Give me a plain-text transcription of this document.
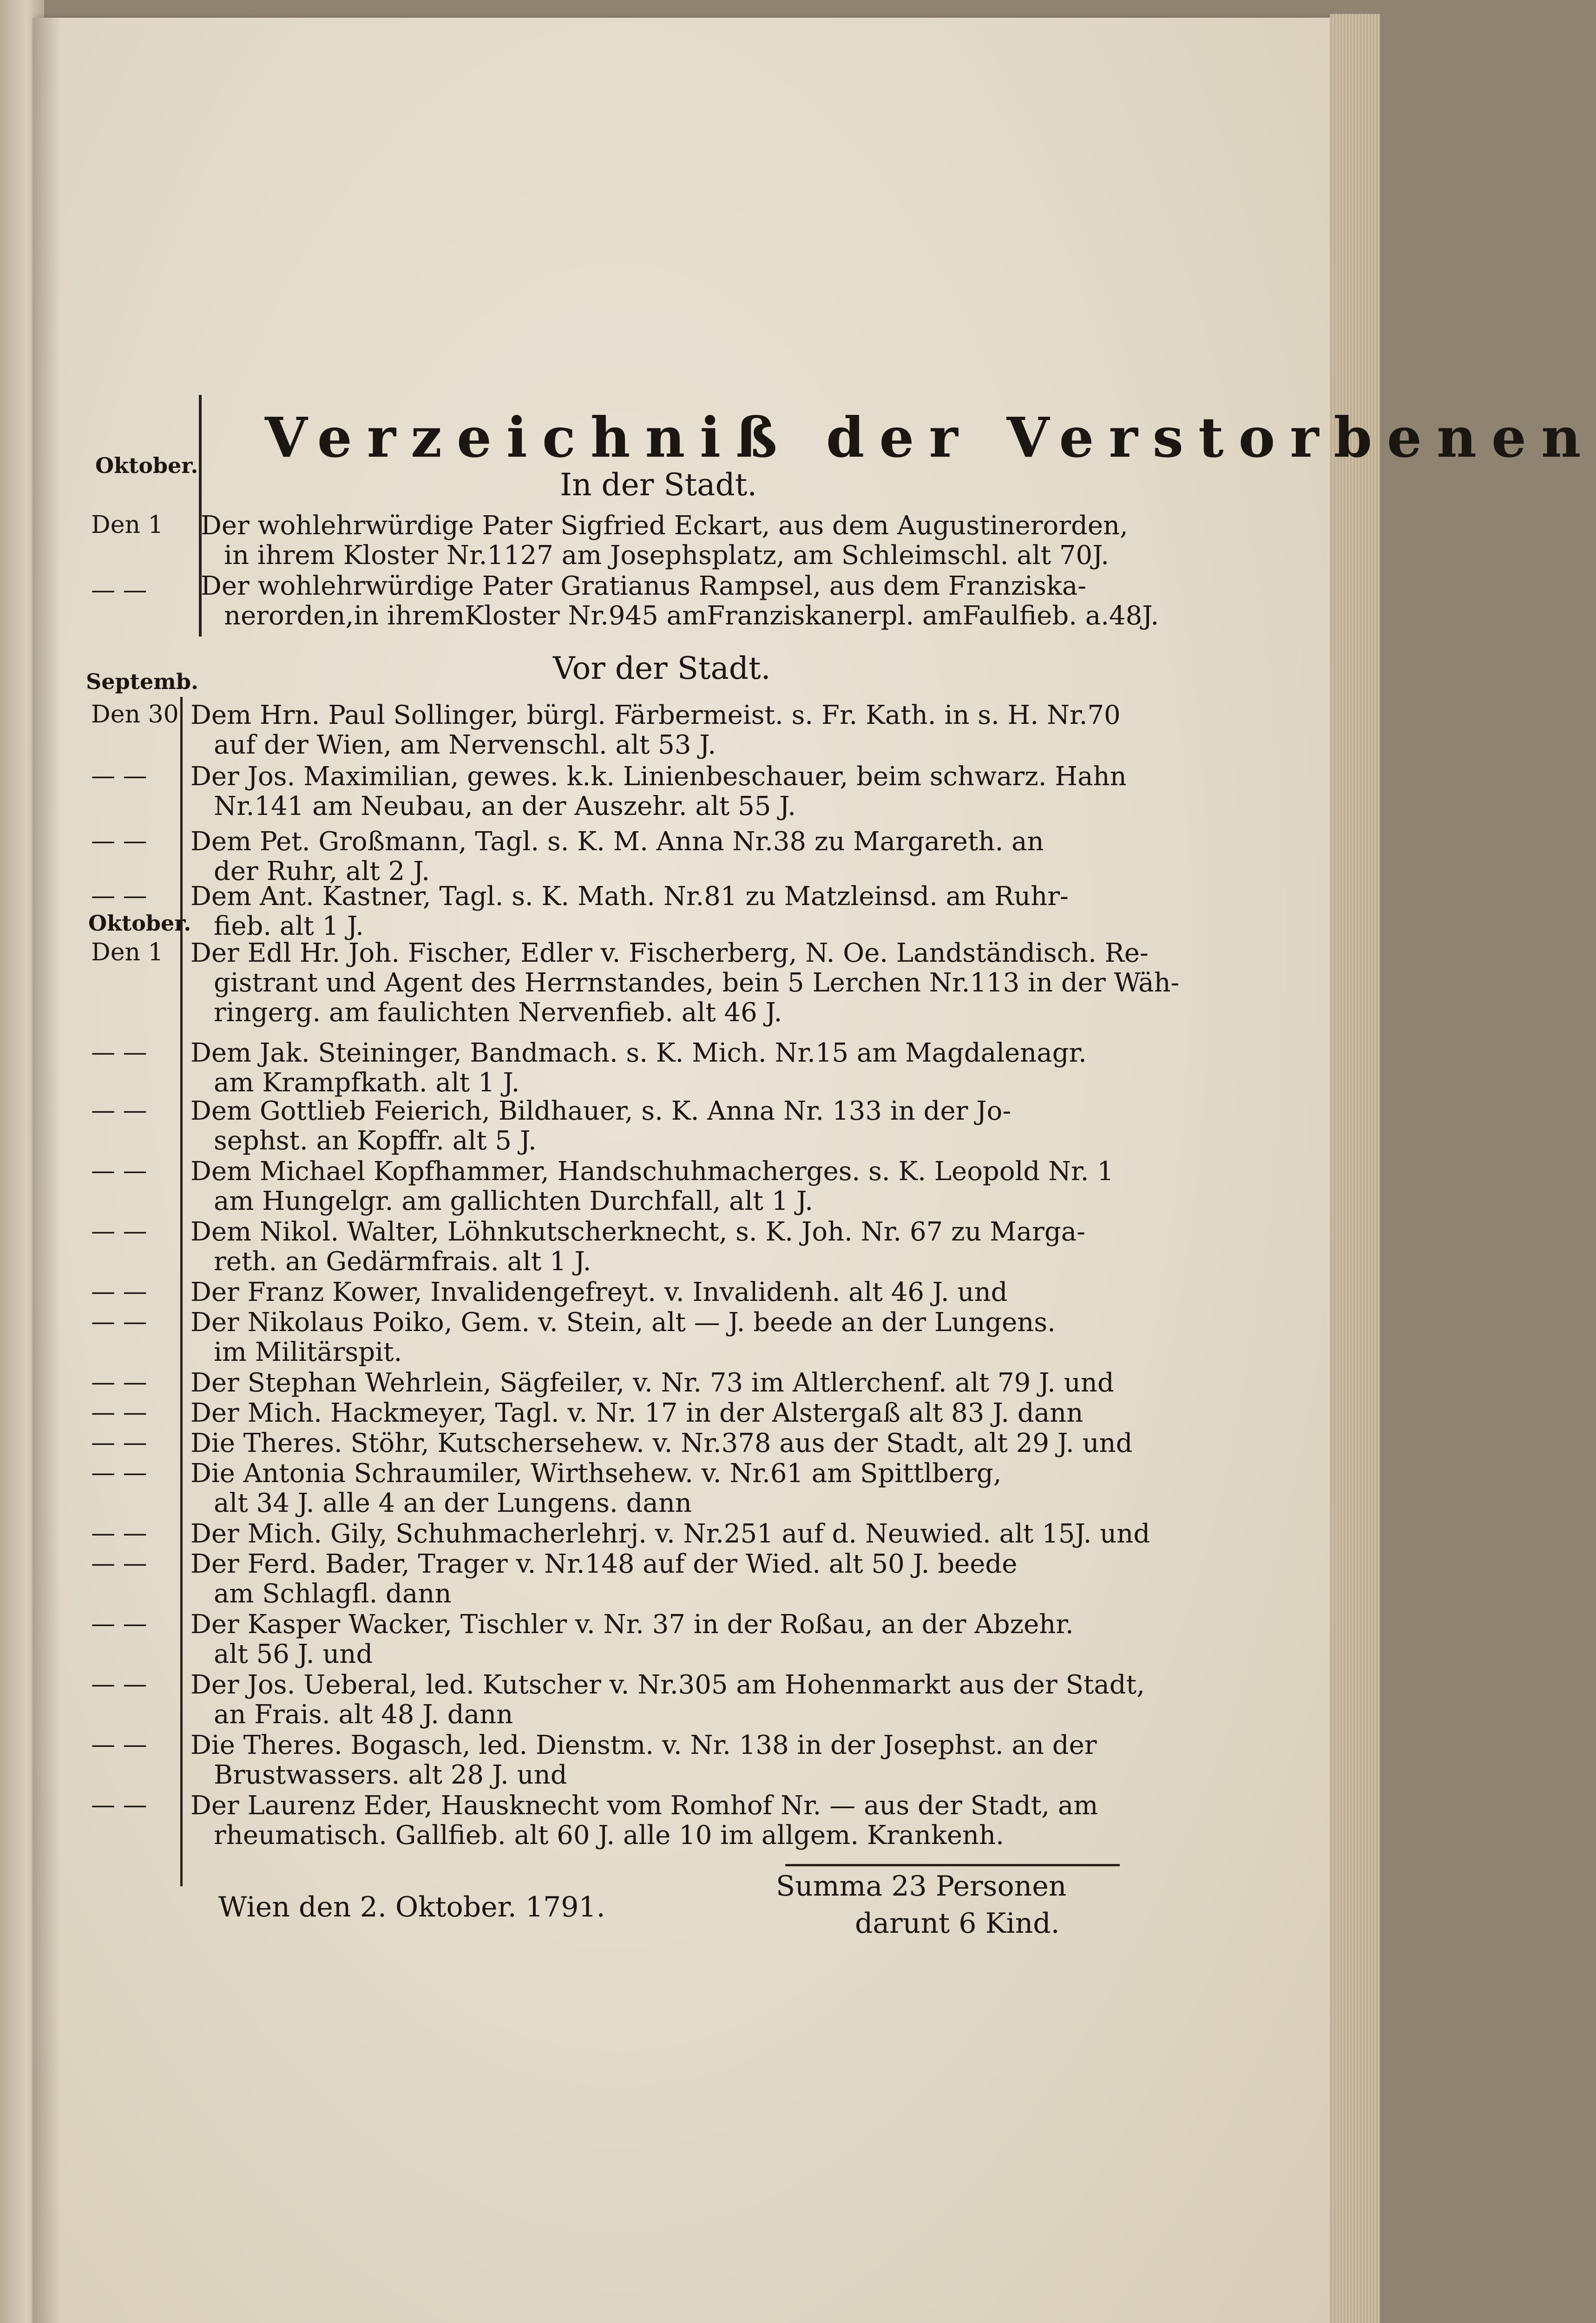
Verzeichniß der Verstorbenen
In der Stadt.
Vor der Stadt.
Oktober.
Den 1
— —
Septemb.
Den 30
— —
— —
— —
Oktober.
Den 1
— —
— —
— —
— —
— —
— —
— —
— —
— —
— —
— —
— —
— —
— —
— —
— —
Der wohlehrwürdige Pater Sigfried Eckart, aus dem Augustinerorden,
in ihrem Kloster Nr.1127 am Josephsplatz, am Schleimschl. alt 70J.
Der wohlehrwürdige Pater Gratianus Rampsel, aus dem Franziska-
nerorden,in ihremKloster Nr.945 amFranziskanerpl. amFaulfieb. a.48J.
Dem Hrn. Paul Sollinger, bürgl. Färbermeist. s. Fr. Kath. in s. H. Nr.70
auf der Wien, am Nervenschl. alt 53 J.
Der Jos. Maximilian, gewes. k.k. Linienbeschauer, beim schwarz. Hahn
Nr.141 am Neubau, an der Auszehr. alt 55 J.
Dem Pet. Großmann, Tagl. s. K. M. Anna Nr.38 zu Margareth. an
der Ruhr, alt 2 J.
Dem Ant. Kastner, Tagl. s. K. Math. Nr.81 zu Matzleinsd. am Ruhr-
fieb. alt 1 J.
Der Edl Hr. Joh. Fischer, Edler v. Fischerberg, N. Oe. Landständisch. Re-
gistrant und Agent des Herrnstandes, bein 5 Lerchen Nr.113 in der Wäh-
ringerg. am faulichten Nervenfieb. alt 46 J.
Dem Jak. Steininger, Bandmach. s. K. Mich. Nr.15 am Magdalenagr.
am Krampfkath. alt 1 J.
Dem Gottlieb Feierich, Bildhauer, s. K. Anna Nr. 133 in der Jo-
sephst. an Kopffr. alt 5 J.
Dem Michael Kopfhammer, Handschuhmacherges. s. K. Leopold Nr. 1
am Hungelgr. am gallichten Durchfall, alt 1 J.
Dem Nikol. Walter, Löhnkutscherknecht, s. K. Joh. Nr. 67 zu Marga-
reth. an Gedärmfrais. alt 1 J.
Der Franz Kower, Invalidengefreyt. v. Invalidenh. alt 46 J. und
Der Nikolaus Poiko, Gem. v. Stein, alt — J. beede an der Lungens.
im Militärspit.
Der Stephan Wehrlein, Sägfeiler, v. Nr. 73 im Altlerchenf. alt 79 J. und
Der Mich. Hackmeyer, Tagl. v. Nr. 17 in der Alstergaß alt 83 J. dann
Die Theres. Stöhr, Kutschersehew. v. Nr.378 aus der Stadt, alt 29 J. und
Die Antonia Schraumiler, Wirthsehew. v. Nr.61 am Spittlberg,
alt 34 J. alle 4 an der Lungens. dann
Der Mich. Gily, Schuhmacherlehrj. v. Nr.251 auf d. Neuwied. alt 15J. und
Der Ferd. Bader, Trager v. Nr.148 auf der Wied. alt 50 J. beede
am Schlagfl. dann
Der Kasper Wacker, Tischler v. Nr. 37 in der Roßau, an der Abzehr.
alt 56 J. und
Der Jos. Ueberal, led. Kutscher v. Nr.305 am Hohenmarkt aus der Stadt,
an Frais. alt 48 J. dann
Die Theres. Bogasch, led. Dienstm. v. Nr. 138 in der Josephst. an der
Brustwassers. alt 28 J. und
Der Laurenz Eder, Hausknecht vom Romhof Nr. — aus der Stadt, am
rheumatisch. Gallfieb. alt 60 J. alle 10 im allgem. Krankenh.
Wien den 2. Oktober. 1791.
Summa 23 Personen
darunt 6 Kind.
